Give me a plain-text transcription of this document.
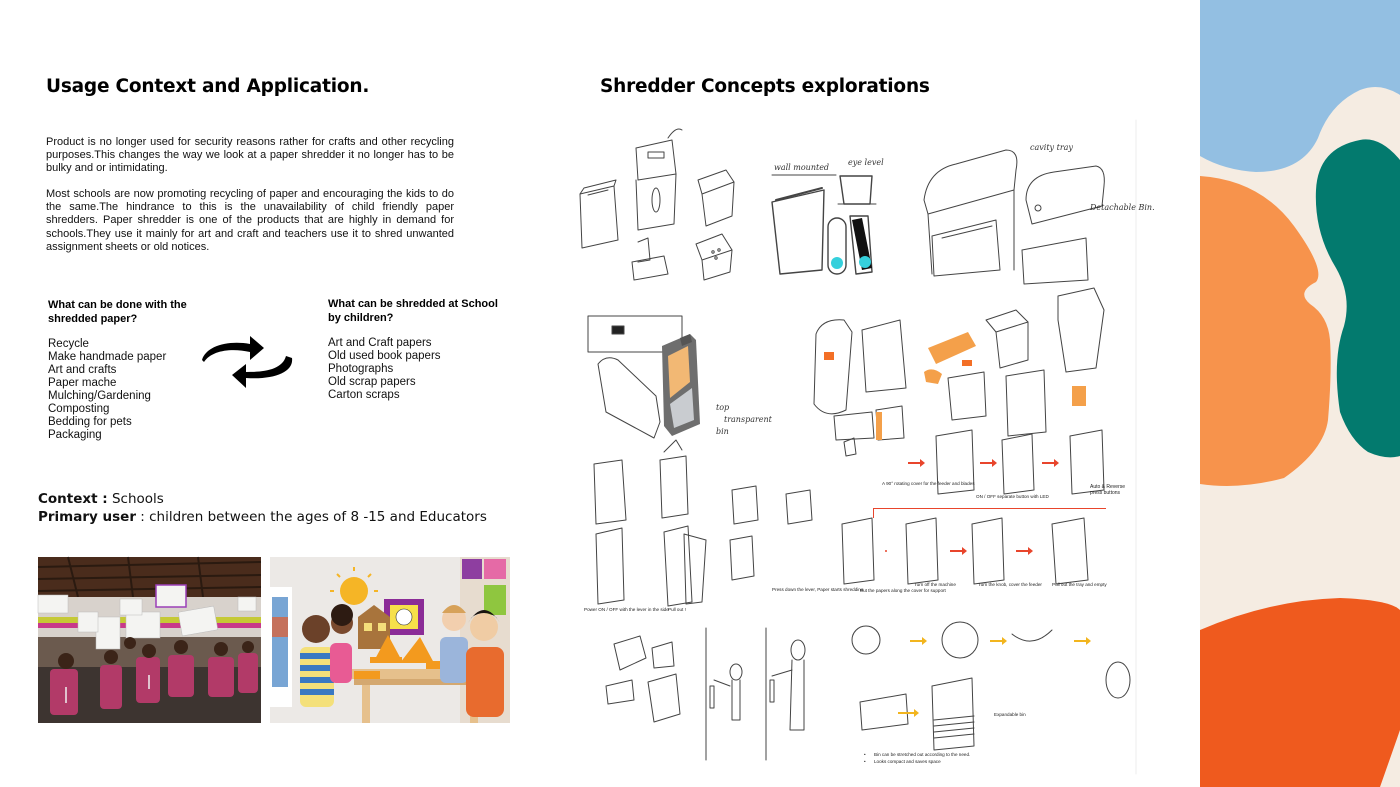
Usage Context and Application.

Product is no longer used for security reasons rather for crafts and other recycling purposes.This changes the way we look at a paper shredder it no longer has to be bulky and or intimidating.

Most schools are now promoting recycling of paper and encouraging the kids to do the same.The hindrance to this is the unavailability of child friendly paper shredders. Paper shredder is one of the products that are highly in demand for schools.They use it mainly for art and craft and teachers use it to shred unwanted assignment sheets or old notices.

What can be done with the shredded paper?
Recycle
Make handmade paper
Art and crafts
Paper mache
Mulching/Gardening
Composting
Bedding for pets
Packaging
What can be shredded at School by children?
Art and Craft papers
Old used book papers
Photographs
Old scrap papers
Carton scraps
Context : Schools
Primary user : children between the ages of 8 -15 and Educators
Shredder Concepts explorations
wall mounted
eye level
cavity tray
Detachable Bin.
top
transparent
bin
Power ON / OFF with the lever in the side Pull out !
Press down the lever, Paper starts shredding
A 90° rotating cover for the feeder and blades
ON / OFF separate button with LED
Put the papers along the cover for support
Turn off the machine	Turn the knob, cover the feeder Pull out the tray and empty
Expandable bin
• Bin can be stretched out according to the need.
• Looks compact and saves space
Auto & Reverse press buttons
